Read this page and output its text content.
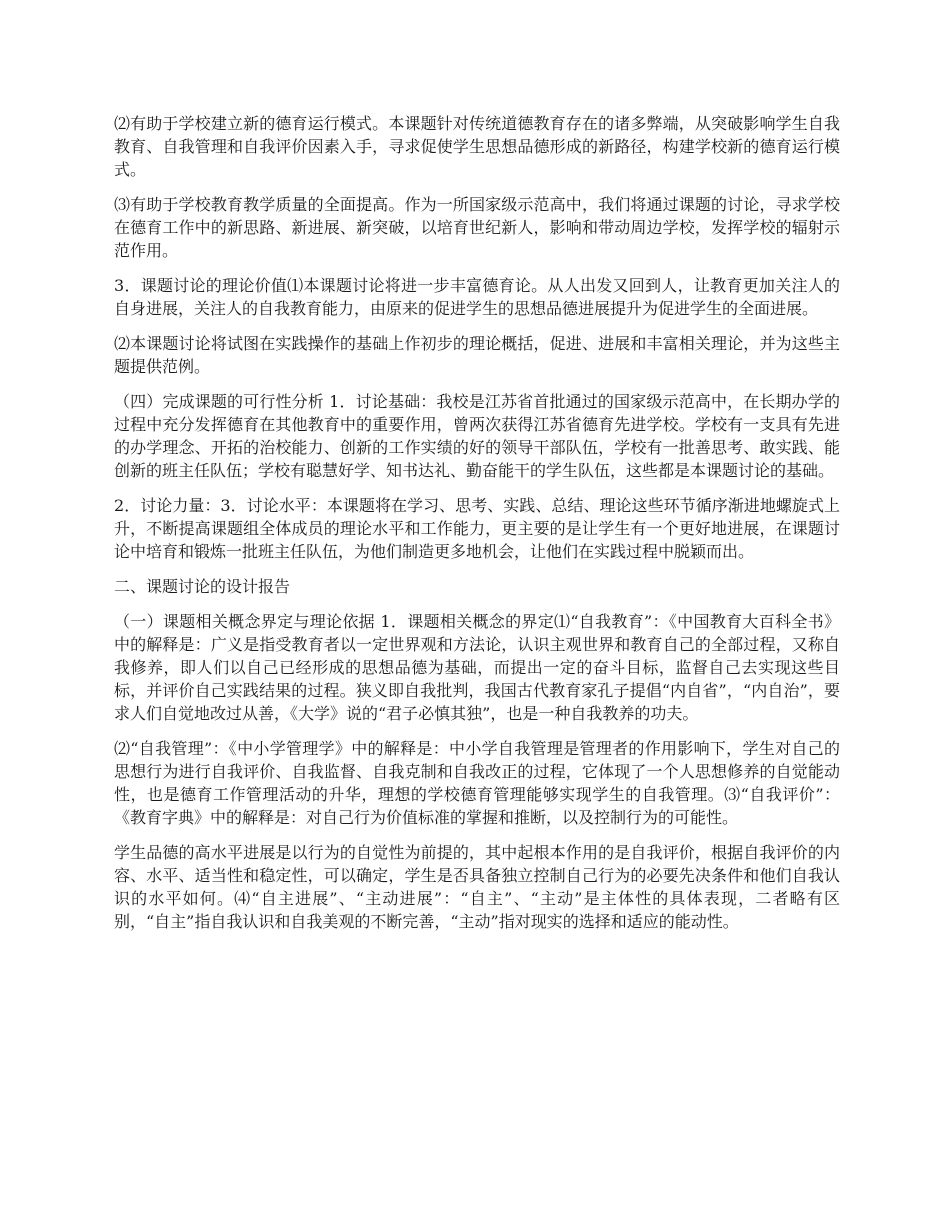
⑵有助于学校建立新的德育运行模式。本课题针对传统道德教育存在的诸多弊端，从突破影响学生自我教育、自我管理和自我评价因素入手，寻求促使学生思想品德形成的新路径，构建学校新的德育运行模式。

⑶有助于学校教育教学质量的全面提高。作为一所国家级示范高中，我们将通过课题的讨论，寻求学校在德育工作中的新思路、新进展、新突破，以培育世纪新人，影响和带动周边学校，发挥学校的辐射示范作用。

3．课题讨论的理论价值⑴本课题讨论将进一步丰富德育论。从人出发又回到人，让教育更加关注人的自身进展，关注人的自我教育能力，由原来的促进学生的思想品德进展提升为促进学生的全面进展。

⑵本课题讨论将试图在实践操作的基础上作初步的理论概括，促进、进展和丰富相关理论，并为这些主题提供范例。

（四）完成课题的可行性分析 1．讨论基础：我校是江苏省首批通过的国家级示范高中，在长期办学的过程中充分发挥德育在其他教育中的重要作用，曾两次获得江苏省德育先进学校。学校有一支具有先进的办学理念、开拓的治校能力、创新的工作实绩的好的领导干部队伍，学校有一批善思考、敢实践、能创新的班主任队伍；学校有聪慧好学、知书达礼、勤奋能干的学生队伍，这些都是本课题讨论的基础。

2．讨论力量：3．讨论水平：本课题将在学习、思考、实践、总结、理论这些环节循序渐进地螺旋式上升，不断提高课题组全体成员的理论水平和工作能力，更主要的是让学生有一个更好地进展，在课题讨论中培育和锻炼一批班主任队伍，为他们制造更多地机会，让他们在实践过程中脱颖而出。

二、课题讨论的设计报告

（一）课题相关概念界定与理论依据 1．课题相关概念的界定⑴“自我教育”：《中国教育大百科全书》中的解释是：广义是指受教育者以一定世界观和方法论，认识主观世界和教育自己的全部过程，又称自我修养，即人们以自己已经形成的思想品德为基础，而提出一定的奋斗目标，监督自己去实现这些目标，并评价自己实践结果的过程。狭义即自我批判，我国古代教育家孔子提倡“内自省”，“内自治”，要求人们自觉地改过从善，《大学》说的“君子必慎其独”，也是一种自我教养的功夫。

⑵“自我管理”：《中小学管理学》中的解释是：中小学自我管理是管理者的作用影响下，学生对自己的思想行为进行自我评价、自我监督、自我克制和自我改正的过程，它体现了一个人思想修养的自觉能动性，也是德育工作管理活动的升华，理想的学校德育管理能够实现学生的自我管理。⑶“自我评价”：《教育字典》中的解释是：对自己行为价值标准的掌握和推断，以及控制行为的可能性。

学生品德的高水平进展是以行为的自觉性为前提的，其中起根本作用的是自我评价，根据自我评价的内容、水平、适当性和稳定性，可以确定，学生是否具备独立控制自己行为的必要先决条件和他们自我认识的水平如何。⑷“自主进展”、“主动进展”：“自主”、“主动”是主体性的具体表现，二者略有区别，“自主”指自我认识和自我美观的不断完善，“主动”指对现实的选择和适应的能动性。
